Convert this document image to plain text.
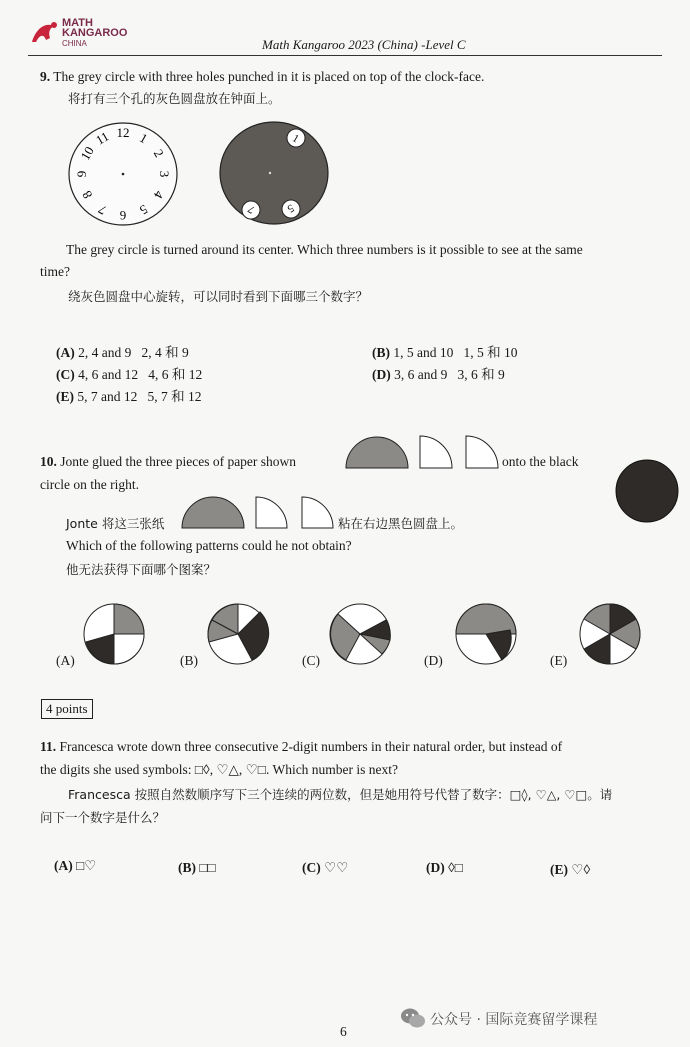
MATH
KANGAROO
CHINA	Math Kangaroo 2023 (China) -Level C
9. The grey circle with three holes punched in it is placed on top of the clock-face.
将打有三个孔的灰色圆盘放在钟面上。
12 1
2
3
4
5
6
7
8
9
10
11	1
7	5
The grey circle is turned around its center. Which three numbers is it possible to see at the same
time?
绕灰色圆盘中心旋转，可以同时看到下面哪三个数字？
(A) 2, 4 and 9 2, 4 和 9	(B) 1, 5 and 10 1, 5 和 10
(C) 4, 6 and 12 4, 6 和 12	(D) 3, 6 and 9 3, 6 和 9
(E) 5, 7 and 12 5, 7 和 12
10. Jonte glued the three pieces of paper shown	onto the black
circle on the right.
Jonte 将这三张纸	粘在右边黑色圆盘上。
Which of the following patterns could he not obtain?
他无法获得下面哪个图案？
(A)	(B)	(C)	(D)	(E)
4 points
11. Francesca wrote down three consecutive 2-digit numbers in their natural order, but instead of
the digits she used symbols: □◊, ♡△, ♡□. Which number is next?
Francesca 按照自然数顺序写下三个连续的两位数，但是她用符号代替了数字：□◊, ♡△, ♡□。请
问下一个数字是什么？
(A) □♡	(B) □□	(C) ♡♡	(D) ◊□	(E) ♡◊
公众号 · 国际竞赛留学课程
6
